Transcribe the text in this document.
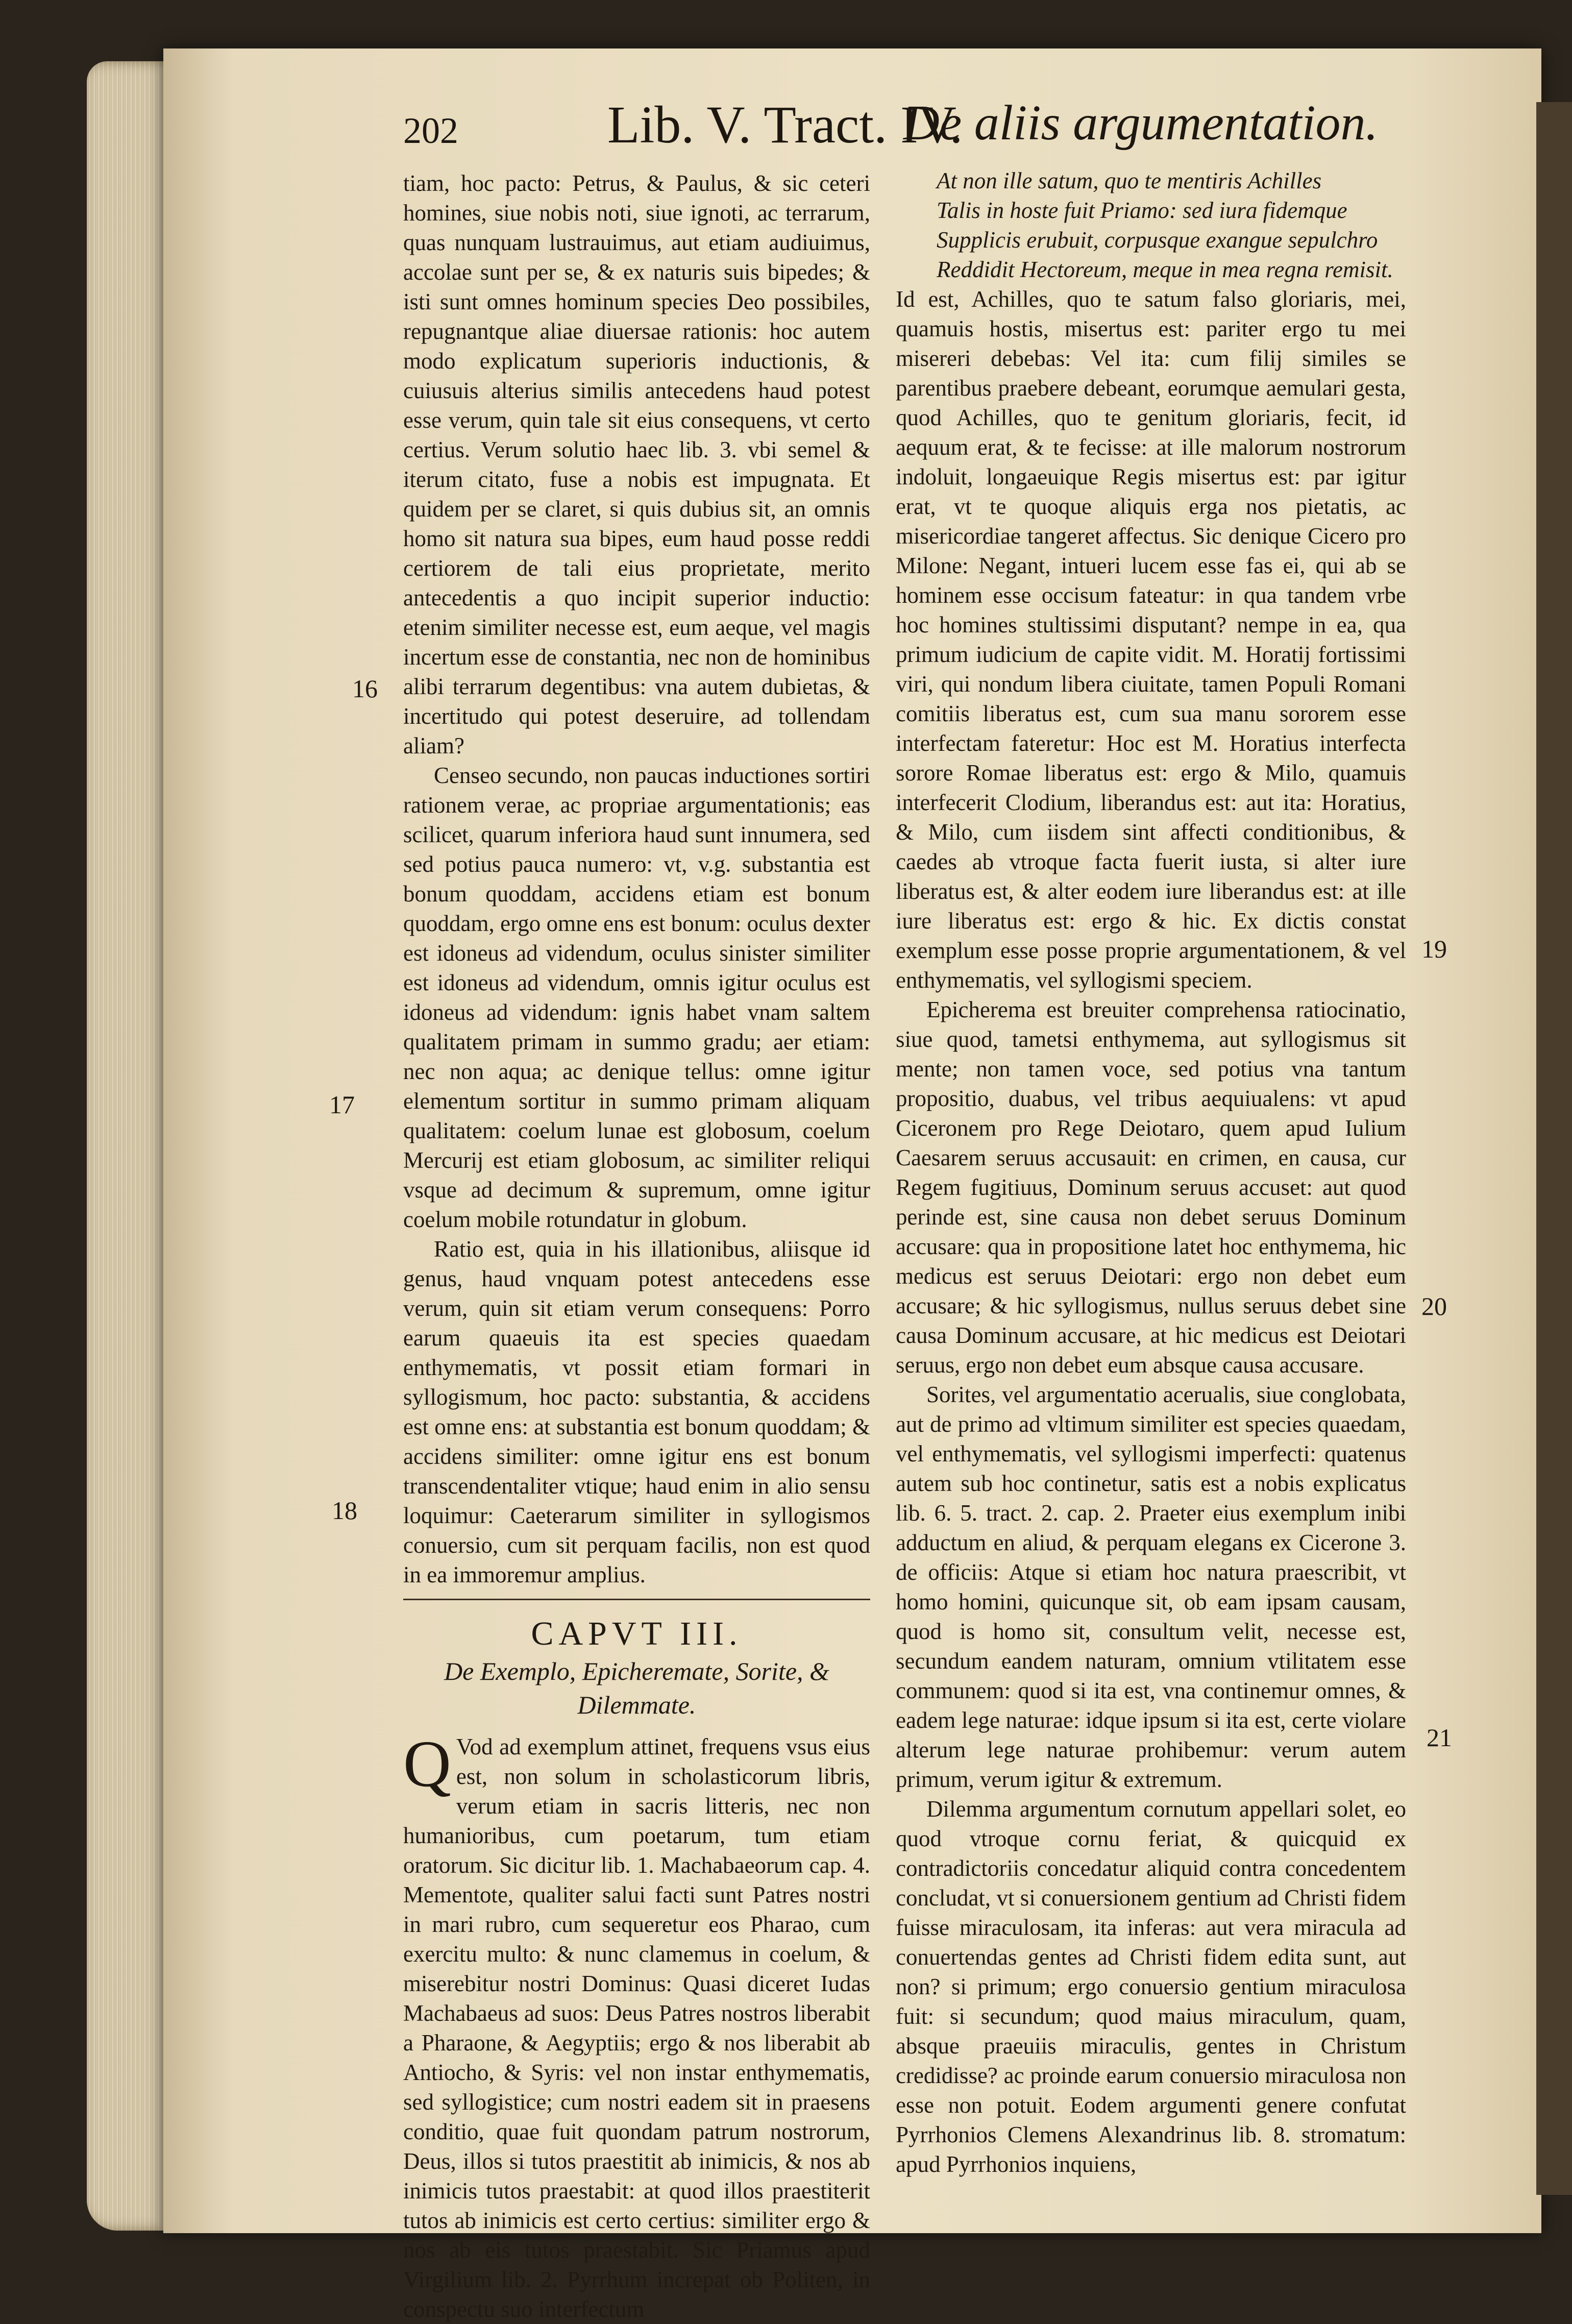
202	Lib. V. Tract. IV.
De aliis argumentation.
16
17
18
19
20
21

tiam, hoc pacto: Petrus, & Paulus, & sic ceteri homines, siue nobis noti, siue ignoti, ac terrarum, quas nunquam lustrauimus, aut etiam audiuimus, accolae sunt per se, & ex naturis suis bipedes; & isti sunt omnes hominum species Deo possibiles, repugnantque aliae diuersae rationis: hoc autem modo explicatum superioris inductionis, & cuiusuis alterius similis antecedens haud potest esse verum, quin tale sit eius consequens, vt certo certius. Verum solutio haec lib. 3. vbi semel & iterum citato, fuse a nobis est impugnata. Et quidem per se claret, si quis dubius sit, an omnis homo sit natura sua bipes, eum haud posse reddi certiorem de tali eius proprietate, merito antecedentis a quo incipit superior inductio: etenim similiter necesse est, eum aeque, vel magis incertum esse de constantia, nec non de hominibus alibi terrarum degentibus: vna autem dubietas, & incertitudo qui potest deseruire, ad tollendam aliam?

Censeo secundo, non paucas inductiones sortiri rationem verae, ac propriae argumentationis; eas scilicet, quarum inferiora haud sunt innumera, sed sed potius pauca numero: vt, v.g. substantia est bonum quoddam, accidens etiam est bonum quoddam, ergo omne ens est bonum: oculus dexter est idoneus ad videndum, oculus sinister similiter est idoneus ad videndum, omnis igitur oculus est idoneus ad videndum: ignis habet vnam saltem qualitatem primam in summo gradu; aer etiam: nec non aqua; ac denique tellus: omne igitur elementum sortitur in summo primam aliquam qualitatem: coelum lunae est globosum, coelum Mercurij est etiam globosum, ac similiter reliqui vsque ad decimum & supremum, omne igitur coelum mobile rotundatur in globum.

Ratio est, quia in his illationibus, aliisque id genus, haud vnquam potest antecedens esse verum, quin sit etiam verum consequens: Porro earum quaeuis ita est species quaedam enthymematis, vt possit etiam formari in syllogismum, hoc pacto: substantia, & accidens est omne ens: at substantia est bonum quoddam; & accidens similiter: omne igitur ens est bonum transcendentaliter vtique; haud enim in alio sensu loquimur: Caeterarum similiter in syllogismos conuersio, cum sit perquam facilis, non est quod in ea immoremur amplius.

CAPVT III.
De Exemplo, Epicheremate, Sorite, & Dilemmate.

Q Vod ad exemplum attinet, frequens vsus eius est, non solum in scholasticorum libris, verum etiam in sacris litteris, nec non humanioribus, cum poetarum, tum etiam oratorum. Sic dicitur lib. 1. Machabaeorum cap. 4. Mementote, qualiter salui facti sunt Patres nostri in mari rubro, cum sequeretur eos Pharao, cum exercitu multo: & nunc clamemus in coelum, & miserebitur nostri Dominus: Quasi diceret Iudas Machabaeus ad suos: Deus Patres nostros liberabit a Pharaone, & Aegyptiis; ergo & nos liberabit ab Antiocho, & Syris: vel non instar enthymematis, sed syllogistice; cum nostri eadem sit in praesens conditio, quae fuit quondam patrum nostrorum, Deus, illos si tutos praestitit ab inimicis, & nos ab inimicis tutos praestabit: at quod illos praestiterit tutos ab inimicis est certo certius: similiter ergo & nos ab eis tutos praestabit. Sic Priamus apud Virgilium lib. 2. Pyrrhum increpat ob Politen, in conspectu suo interfectum

At non ille satum, quo te mentiris Achilles
Talis in hoste fuit Priamo: sed iura fidemque
Supplicis erubuit, corpusque exangue sepulchro
Reddidit Hectoreum, meque in mea regna remisit.

Id est, Achilles, quo te satum falso gloriaris, mei, quamuis hostis, misertus est: pariter ergo tu mei misereri debebas: Vel ita: cum filij similes se parentibus praebere debeant, eorumque aemulari gesta, quod Achilles, quo te genitum gloriaris, fecit, id aequum erat, & te fecisse: at ille malorum nostrorum indoluit, longaeuique Regis misertus est: par igitur erat, vt te quoque aliquis erga nos pietatis, ac misericordiae tangeret affectus. Sic denique Cicero pro Milone: Negant, intueri lucem esse fas ei, qui ab se hominem esse occisum fateatur: in qua tandem vrbe hoc homines stultissimi disputant? nempe in ea, qua primum iudicium de capite vidit. M. Horatij fortissimi viri, qui nondum libera ciuitate, tamen Populi Romani comitiis liberatus est, cum sua manu sororem esse interfectam fateretur: Hoc est M. Horatius interfecta sorore Romae liberatus est: ergo & Milo, quamuis interfecerit Clodium, liberandus est: aut ita: Horatius, & Milo, cum iisdem sint affecti conditionibus, & caedes ab vtroque facta fuerit iusta, si alter iure liberatus est, & alter eodem iure liberandus est: at ille iure liberatus est: ergo & hic. Ex dictis constat exemplum esse posse proprie argumentationem, & vel enthymematis, vel syllogismi speciem.

Epicherema est breuiter comprehensa ratiocinatio, siue quod, tametsi enthymema, aut syllogismus sit mente; non tamen voce, sed potius vna tantum propositio, duabus, vel tribus aequiualens: vt apud Ciceronem pro Rege Deiotaro, quem apud Iulium Caesarem seruus accusauit: en crimen, en causa, cur Regem fugitiuus, Dominum seruus accuset: aut quod perinde est, sine causa non debet seruus Dominum accusare: qua in propositione latet hoc enthymema, hic medicus est seruus Deiotari: ergo non debet eum accusare; & hic syllogismus, nullus seruus debet sine causa Dominum accusare, at hic medicus est Deiotari seruus, ergo non debet eum absque causa accusare.

Sorites, vel argumentatio acerualis, siue conglobata, aut de primo ad vltimum similiter est species quaedam, vel enthymematis, vel syllogismi imperfecti: quatenus autem sub hoc continetur, satis est a nobis explicatus lib. 6. 5. tract. 2. cap. 2. Praeter eius exemplum inibi adductum en aliud, & perquam elegans ex Cicerone 3. de officiis: Atque si etiam hoc natura praescribit, vt homo homini, quicunque sit, ob eam ipsam causam, quod is homo sit, consultum velit, necesse est, secundum eandem naturam, omnium vtilitatem esse communem: quod si ita est, vna continemur omnes, & eadem lege naturae: idque ipsum si ita est, certe violare alterum lege naturae prohibemur: verum autem primum, verum igitur & extremum.

Dilemma argumentum cornutum appellari solet, eo quod vtroque cornu feriat, & quicquid ex contradictoriis concedatur aliquid contra concedentem concludat, vt si conuersionem gentium ad Christi fidem fuisse miraculosam, ita inferas: aut vera miracula ad conuertendas gentes ad Christi fidem edita sunt, aut non? si primum; ergo conuersio gentium miraculosa fuit: si secundum; quod maius miraculum, quam, absque praeuiis miraculis, gentes in Christum credidisse? ac proinde earum conuersio miraculosa non esse non potuit. Eodem argumenti genere confutat Pyrrhonios Clemens Alexandrinus lib. 8. stromatum: apud Pyrrhonios inquiens,
